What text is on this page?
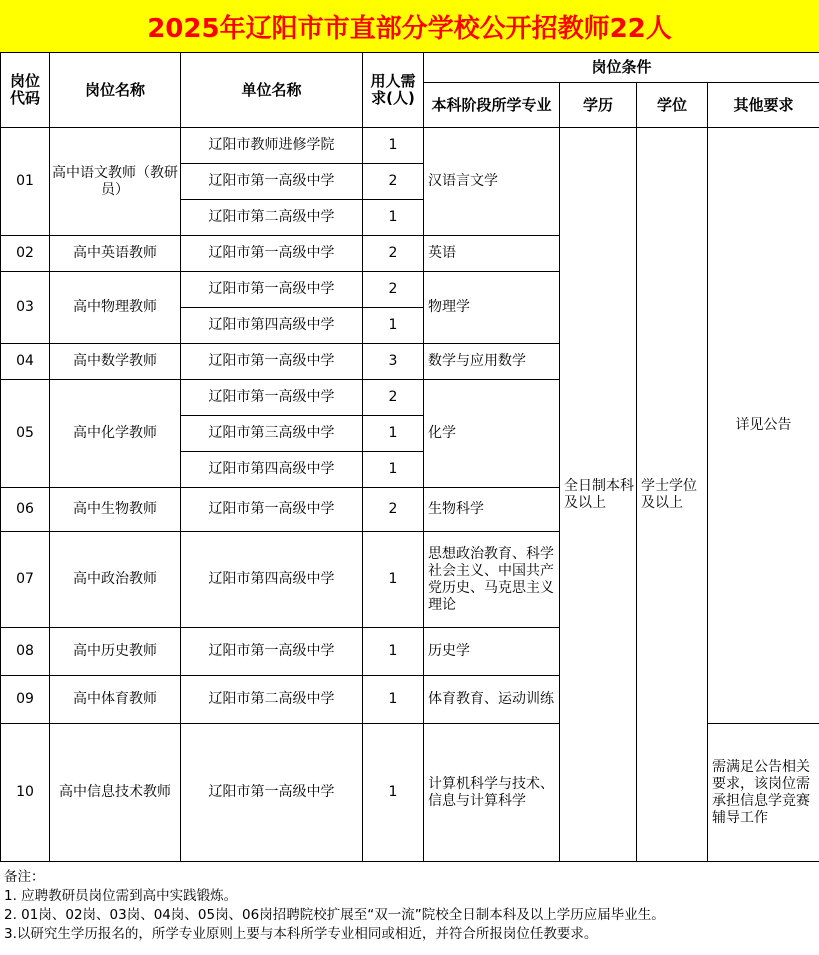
2025年辽阳市市直部分学校公开招教师22人
岗位代码	岗位名称	单位名称	用人需求(人)	岗位条件			
				本科阶段所学专业	学历	学位	其他要求
01	高中语文教师（教研员）	辽阳市教师进修学院	1	汉语言文学	全日制本科及以上	学士学位及以上	详见公告
		辽阳市第一高级中学	2				
		辽阳市第二高级中学	1				
02	高中英语教师	辽阳市第一高级中学	2	英语			
03	高中物理教师	辽阳市第一高级中学	2	物理学			
		辽阳市第四高级中学	1				
04	高中数学教师	辽阳市第一高级中学	3	数学与应用数学			
05	高中化学教师	辽阳市第一高级中学	2	化学			
		辽阳市第三高级中学	1				
		辽阳市第四高级中学	1				
06	高中生物教师	辽阳市第一高级中学	2	生物科学			
07	高中政治教师	辽阳市第四高级中学	1	思想政治教育、科学社会主义、中国共产党历史、马克思主义理论			
08	高中历史教师	辽阳市第一高级中学	1	历史学			
09	高中体育教师	辽阳市第二高级中学	1	体育教育、运动训练			
10	高中信息技术教师	辽阳市第一高级中学	1	计算机科学与技术、信息与计算科学			需满足公告相关要求，该岗位需承担信息学竞赛辅导工作
备注：
1. 应聘教研员岗位需到高中实践锻炼。
2. 01岗、02岗、03岗、04岗、05岗、06岗招聘院校扩展至“双一流”院校全日制本科及以上学历应届毕业生。
3.以研究生学历报名的，所学专业原则上要与本科所学专业相同或相近，并符合所报岗位任教要求。
